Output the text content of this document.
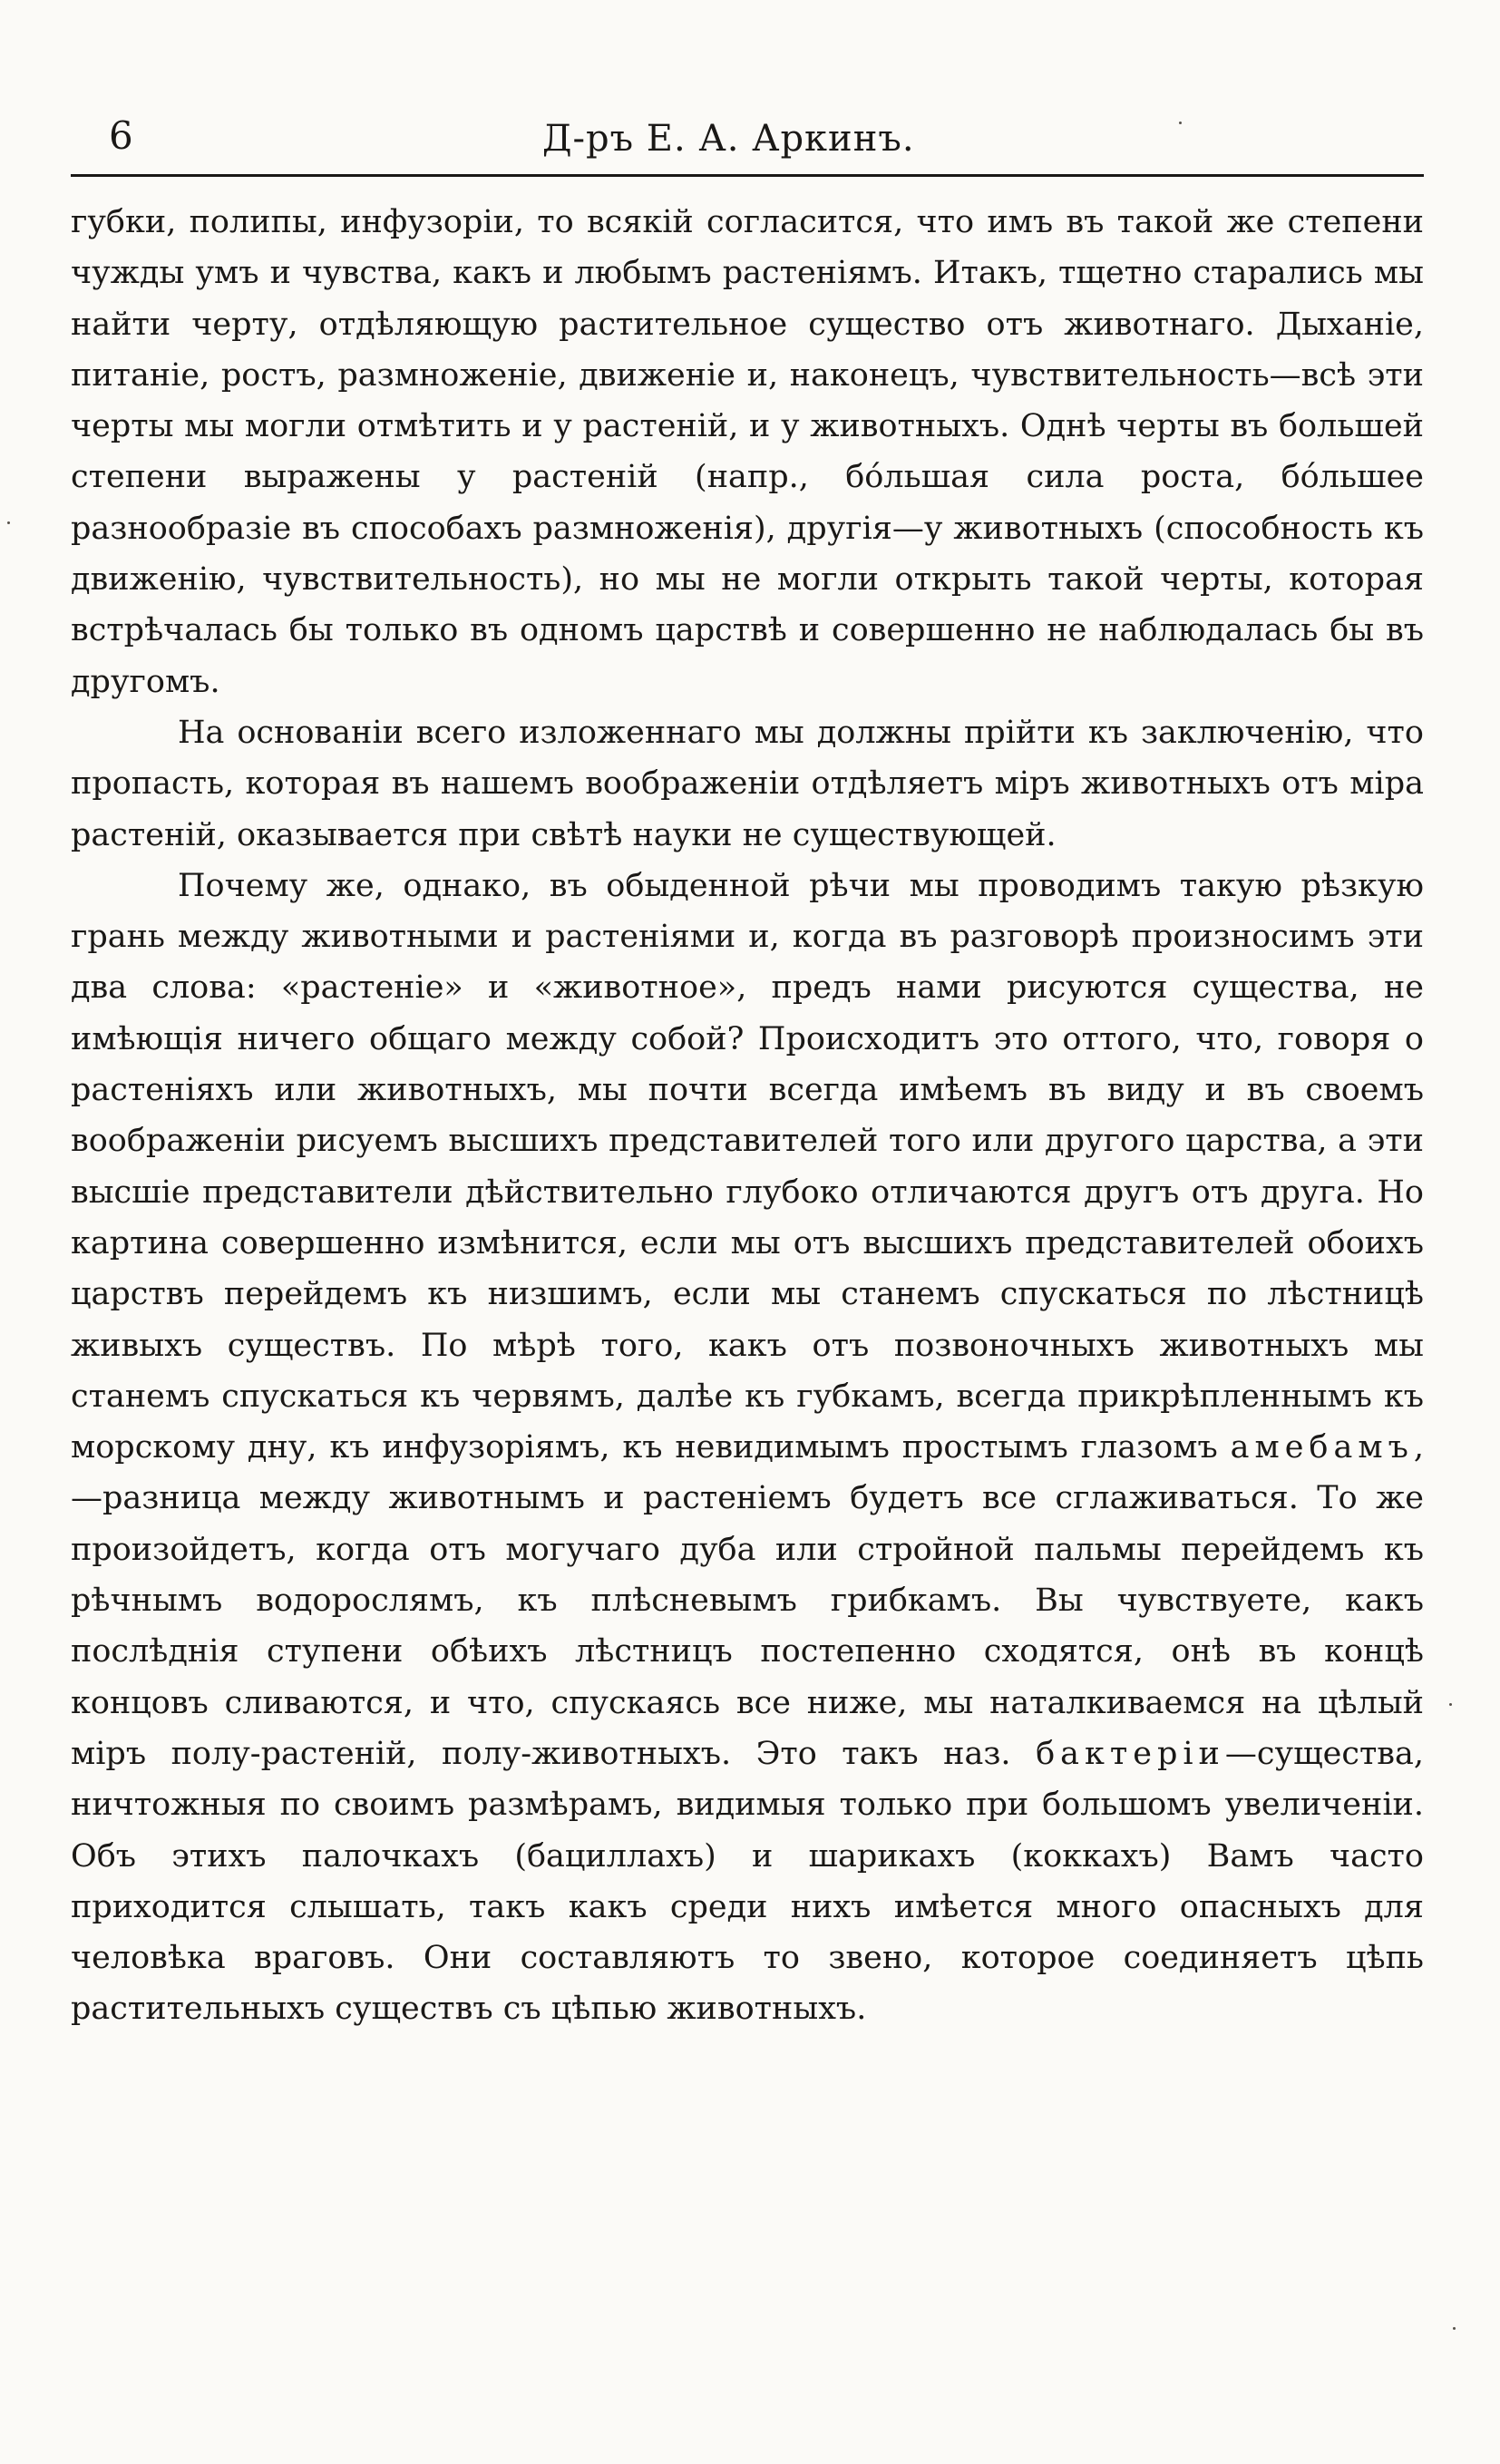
6	Д-ръ Е. А. Аркинъ.

губки, полипы, инфузоріи, то всякій согласится, что имъ въ такой же степени чужды умъ и чувства, какъ и любымъ растеніямъ. Итакъ, тщетно старались мы найти черту, отдѣляющую растительное существо отъ животнаго. Дыханіе, питаніе, ростъ, размноженіе, движеніе и, наконецъ, чувствительность—всѣ эти черты мы могли отмѣтить и у растеній, и у животныхъ. Однѣ черты въ большей степени выражены у растеній (напр., бóльшая сила роста, бóльшее разнообразіе въ способахъ размноженія), другія—у животныхъ (способность къ движенію, чувствительность), но мы не могли открыть такой черты, которая встрѣчалась бы только въ одномъ царствѣ и совершенно не наблюдалась бы въ другомъ.

На основаніи всего изложеннаго мы должны прійти къ заключенію, что пропасть, которая въ нашемъ воображеніи отдѣляетъ міръ животныхъ отъ міра растеній, оказывается при свѣтѣ науки не существующей.

Почему же, однако, въ обыденной рѣчи мы проводимъ такую рѣзкую грань между животными и растеніями и, когда въ разговорѣ произносимъ эти два слова: «растеніе» и «животное», предъ нами рисуются существа, не имѣющія ничего общаго между собой? Происходитъ это оттого, что, говоря о растеніяхъ или животныхъ, мы почти всегда имѣемъ въ виду и въ своемъ воображеніи рисуемъ высшихъ представителей того или другого царства, а эти высшіе представители дѣйствительно глубоко отличаются другъ отъ друга. Но картина совершенно измѣнится, если мы отъ высшихъ представителей обоихъ царствъ перейдемъ къ низшимъ, если мы станемъ спускаться по лѣстницѣ живыхъ существъ. По мѣрѣ того, какъ отъ позвоночныхъ животныхъ мы станемъ спускаться къ червямъ, далѣе къ губкамъ, всегда прикрѣпленнымъ къ морскому дну, къ инфузоріямъ, къ невидимымъ простымъ глазомъ амебамъ,—разница между животнымъ и растеніемъ будетъ все сглаживаться. То же произойдетъ, когда отъ могучаго дуба или стройной пальмы перейдемъ къ рѣчнымъ водорослямъ, къ плѣсневымъ грибкамъ. Вы чувствуете, какъ послѣднія ступени обѣихъ лѣстницъ постепенно сходятся, онѣ въ концѣ концовъ сливаются, и что, спускаясь все ниже, мы наталкиваемся на цѣлый міръ полу-растеній, полу-животныхъ. Это такъ наз. бактеріи—существа, ничтожныя по своимъ размѣрамъ, видимыя только при большомъ увеличеніи. Объ этихъ палочкахъ (бациллахъ) и шарикахъ (коккахъ) Вамъ часто приходится слышать, такъ какъ среди нихъ имѣется много опасныхъ для человѣка враговъ. Они составляютъ то звено, которое соединяетъ цѣпь растительныхъ существъ съ цѣпью животныхъ.
